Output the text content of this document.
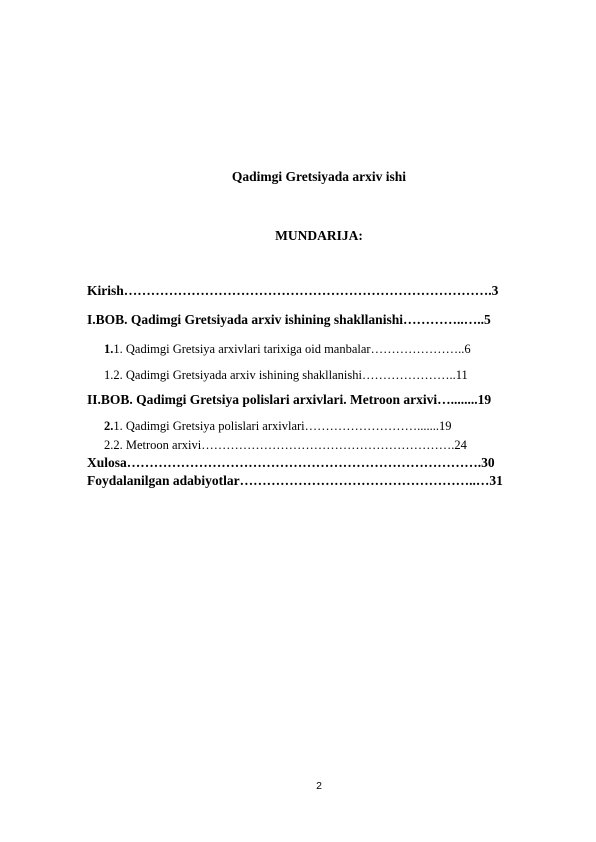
Qadimgi Gretsiyada arxiv ishi
MUNDARIJA:
Kirish……………………………………………………………………….3
I.BOB. Qadimgi Gretsiyada arxiv ishining shakllanishi…………..…..5
1.1. Qadimgi Gretsiya arxivlari tarixiga oid manbalar…………………..6
1.2. Qadimgi Gretsiyada arxiv ishining shakllanishi…………………..11
II.BOB. Qadimgi Gretsiya polislari arxivlari. Metroon arxivi…........19
2.1. Qadimgi Gretsiya polislari arxivlari……………………….......19
2.2. Metroon arxivi…………………………………………………….24
Xulosa…………………………………………………………………….30
Foydalanilgan adabiyotlar……………………………………………..…31
2
